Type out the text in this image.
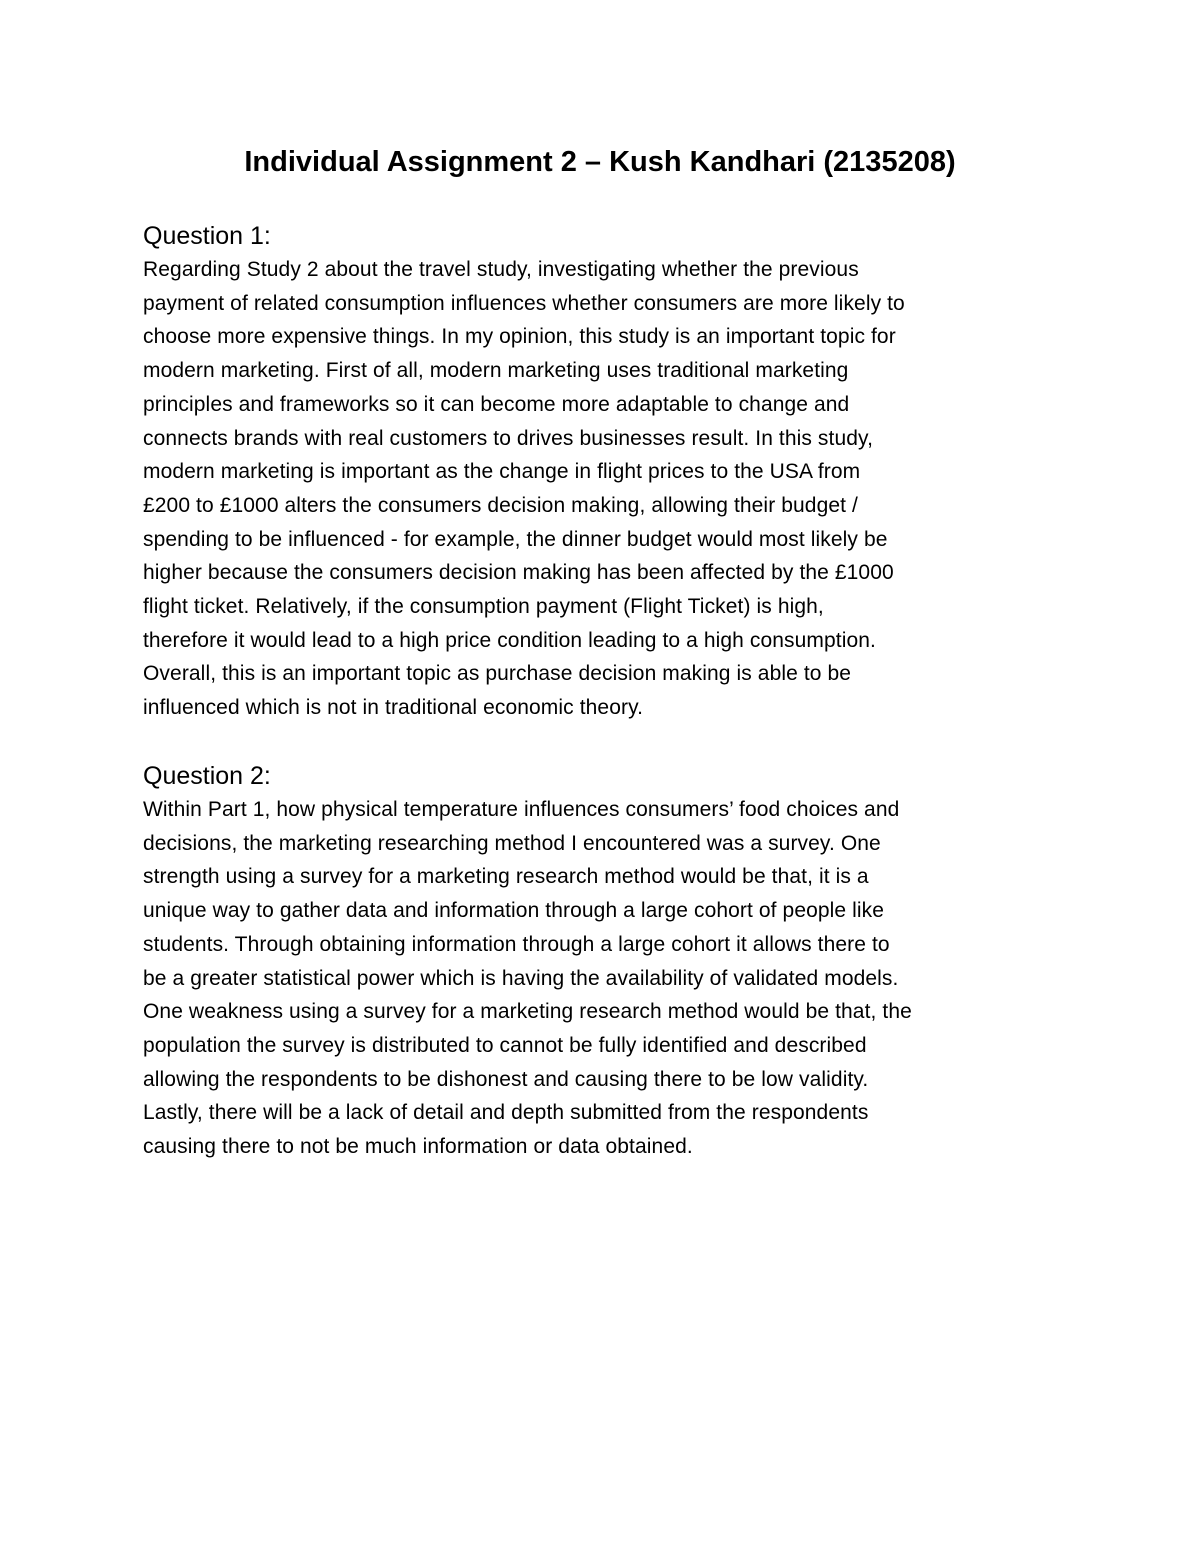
Individual Assignment 2 – Kush Kandhari (2135208)
Question 1:
Regarding Study 2 about the travel study, investigating whether the previous
payment of related consumption influences whether consumers are more likely to
choose more expensive things. In my opinion, this study is an important topic for
modern marketing. First of all, modern marketing uses traditional marketing
principles and frameworks so it can become more adaptable to change and
connects brands with real customers to drives businesses result. In this study,
modern marketing is important as the change in flight prices to the USA from
£200 to £1000 alters the consumers decision making, allowing their budget /
spending to be influenced - for example, the dinner budget would most likely be
higher because the consumers decision making has been affected by the £1000
flight ticket. Relatively, if the consumption payment (Flight Ticket) is high,
therefore it would lead to a high price condition leading to a high consumption.
Overall, this is an important topic as purchase decision making is able to be
influenced which is not in traditional economic theory.
Question 2:
Within Part 1, how physical temperature influences consumers’ food choices and
decisions, the marketing researching method I encountered was a survey. One
strength using a survey for a marketing research method would be that, it is a
unique way to gather data and information through a large cohort of people like
students. Through obtaining information through a large cohort it allows there to
be a greater statistical power which is having the availability of validated models.
One weakness using a survey for a marketing research method would be that, the
population the survey is distributed to cannot be fully identified and described
allowing the respondents to be dishonest and causing there to be low validity.
Lastly, there will be a lack of detail and depth submitted from the respondents
causing there to not be much information or data obtained.
